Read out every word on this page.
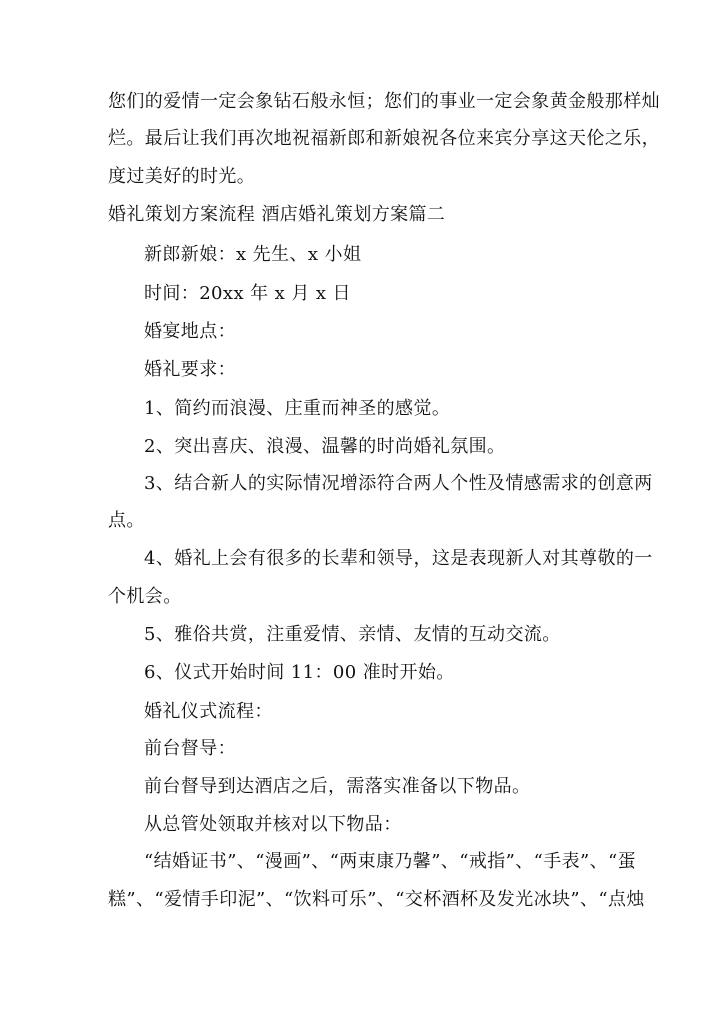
您们的爱情一定会象钻石般永恒；您们的事业一定会象黄金般那样灿
烂。最后让我们再次地祝福新郎和新娘祝各位来宾分享这天伦之乐，
度过美好的时光。
婚礼策划方案流程 酒店婚礼策划方案篇二
新郎新娘：x 先生、x 小姐
时间：20xx 年 x 月 x 日
婚宴地点：
婚礼要求：
1、简约而浪漫、庄重而神圣的感觉。
2、突出喜庆、浪漫、温馨的时尚婚礼氛围。
3、结合新人的实际情况增添符合两人个性及情感需求的创意两
点。
4、婚礼上会有很多的长辈和领导，这是表现新人对其尊敬的一
个机会。
5、雅俗共赏，注重爱情、亲情、友情的互动交流。
6、仪式开始时间 11：00 准时开始。
婚礼仪式流程：
前台督导：
前台督导到达酒店之后，需落实准备以下物品。
从总管处领取并核对以下物品：
“结婚证书”、“漫画”、“两束康乃馨”、“戒指”、“手表”、“蛋
糕”、“爱情手印泥”、“饮料可乐”、“交杯酒杯及发光冰块”、“点烛
